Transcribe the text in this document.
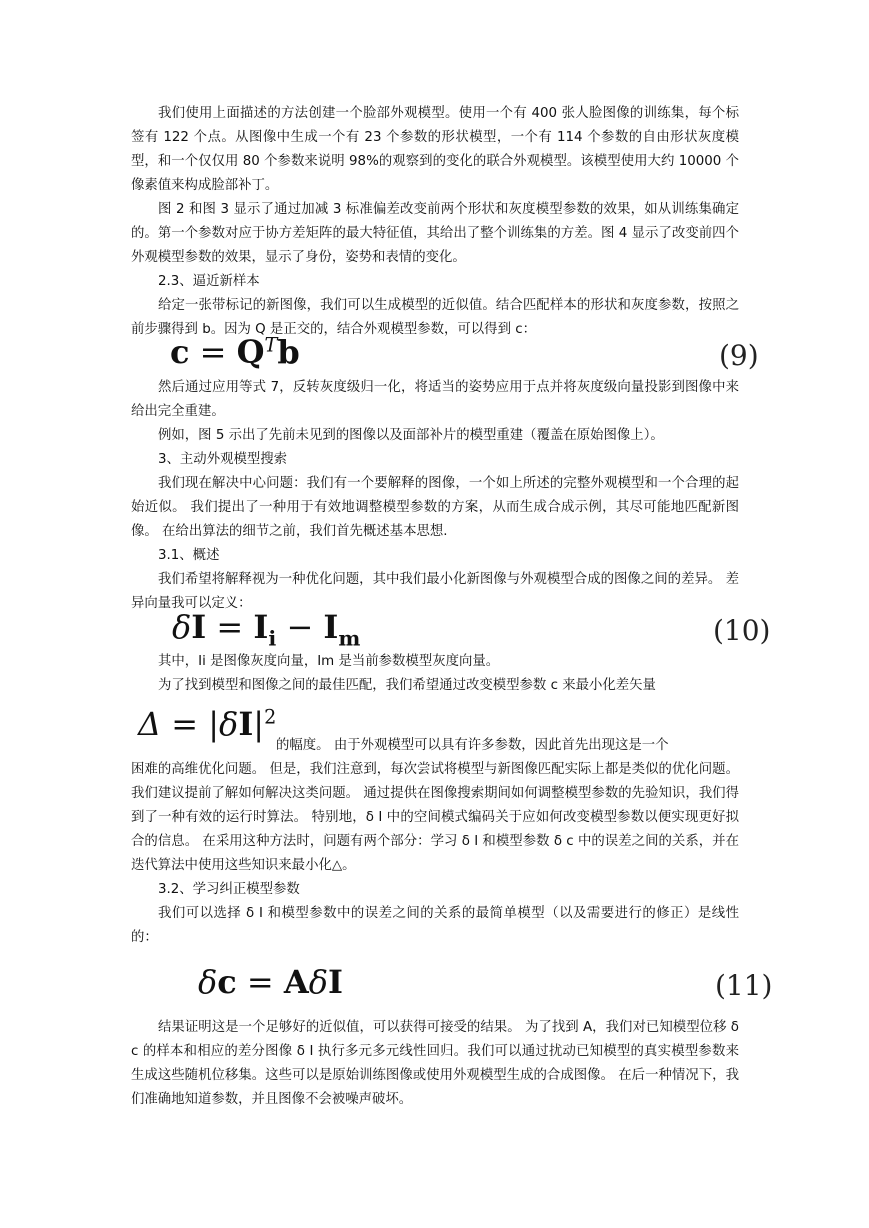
我们使用上面描述的方法创建一个脸部外观模型。使用一个有 400 张人脸图像的训练集，每个标签有 122 个点。从图像中生成一个有 23 个参数的形状模型，一个有 114 个参数的自由形状灰度模型，和一个仅仅用 80 个参数来说明 98%的观察到的变化的联合外观模型。该模型使用大约 10000 个像素值来构成脸部补丁。

图 2 和图 3 显示了通过加减 3 标准偏差改变前两个形状和灰度模型参数的效果，如从训练集确定的。第一个参数对应于协方差矩阵的最大特征值，其给出了整个训练集的方差。图 4 显示了改变前四个外观模型参数的效果，显示了身份，姿势和表情的变化。

2.3、逼近新样本

给定一张带标记的新图像，我们可以生成模型的近似值。结合匹配样本的形状和灰度参数，按照之前步骤得到 b。因为 Q 是正交的，结合外观模型参数，可以得到 c：

$c = Q^Tb$	(9)

然后通过应用等式 7，反转灰度级归一化，将适当的姿势应用于点并将灰度级向量投影到图像中来给出完全重建。

例如，图 5 示出了先前未见到的图像以及面部补片的模型重建（覆盖在原始图像上）。

3、主动外观模型搜索

我们现在解决中心问题：我们有一个要解释的图像，一个如上所述的完整外观模型和一个合理的起始近似。 我们提出了一种用于有效地调整模型参数的方案，从而生成合成示例，其尽可能地匹配新图像。 在给出算法的细节之前，我们首先概述基本思想.

3.1、概述

我们希望将解释视为一种优化问题，其中我们最小化新图像与外观模型合成的图像之间的差异。 差异向量我可以定义：

$\delta I = I_i - I_m$	(10)

其中，Ii 是图像灰度向量，Im 是当前参数模型灰度向量。

为了找到模型和图像之间的最佳匹配，我们希望通过改变模型参数 c 来最小化差矢量

$\Delta = |\delta I|^2$
的幅度。 由于外观模型可以具有许多参数，因此首先出现这是一个

困难的高维优化问题。 但是，我们注意到，每次尝试将模型与新图像匹配实际上都是类似的优化问题。 我们建议提前了解如何解决这类问题。 通过提供在图像搜索期间如何调整模型参数的先验知识，我们得到了一种有效的运行时算法。 特别地，δ I 中的空间模式编码关于应如何改变模型参数以便实现更好拟合的信息。 在采用这种方法时，问题有两个部分：学习 δ I 和模型参数 δ c 中的误差之间的关系，并在迭代算法中使用这些知识来最小化△。

3.2、学习纠正模型参数

我们可以选择 δ I 和模型参数中的误差之间的关系的最简单模型（以及需要进行的修正）是线性的：

δc = AδI	(11)

结果证明这是一个足够好的近似值，可以获得可接受的结果。 为了找到 A，我们对已知模型位移 δ c 的样本和相应的差分图像 δ I 执行多元多元线性回归。我们可以通过扰动已知模型的真实模型参数来生成这些随机位移集。这些可以是原始训练图像或使用外观模型生成的合成图像。 在后一种情况下，我们准确地知道参数，并且图像不会被噪声破坏。
